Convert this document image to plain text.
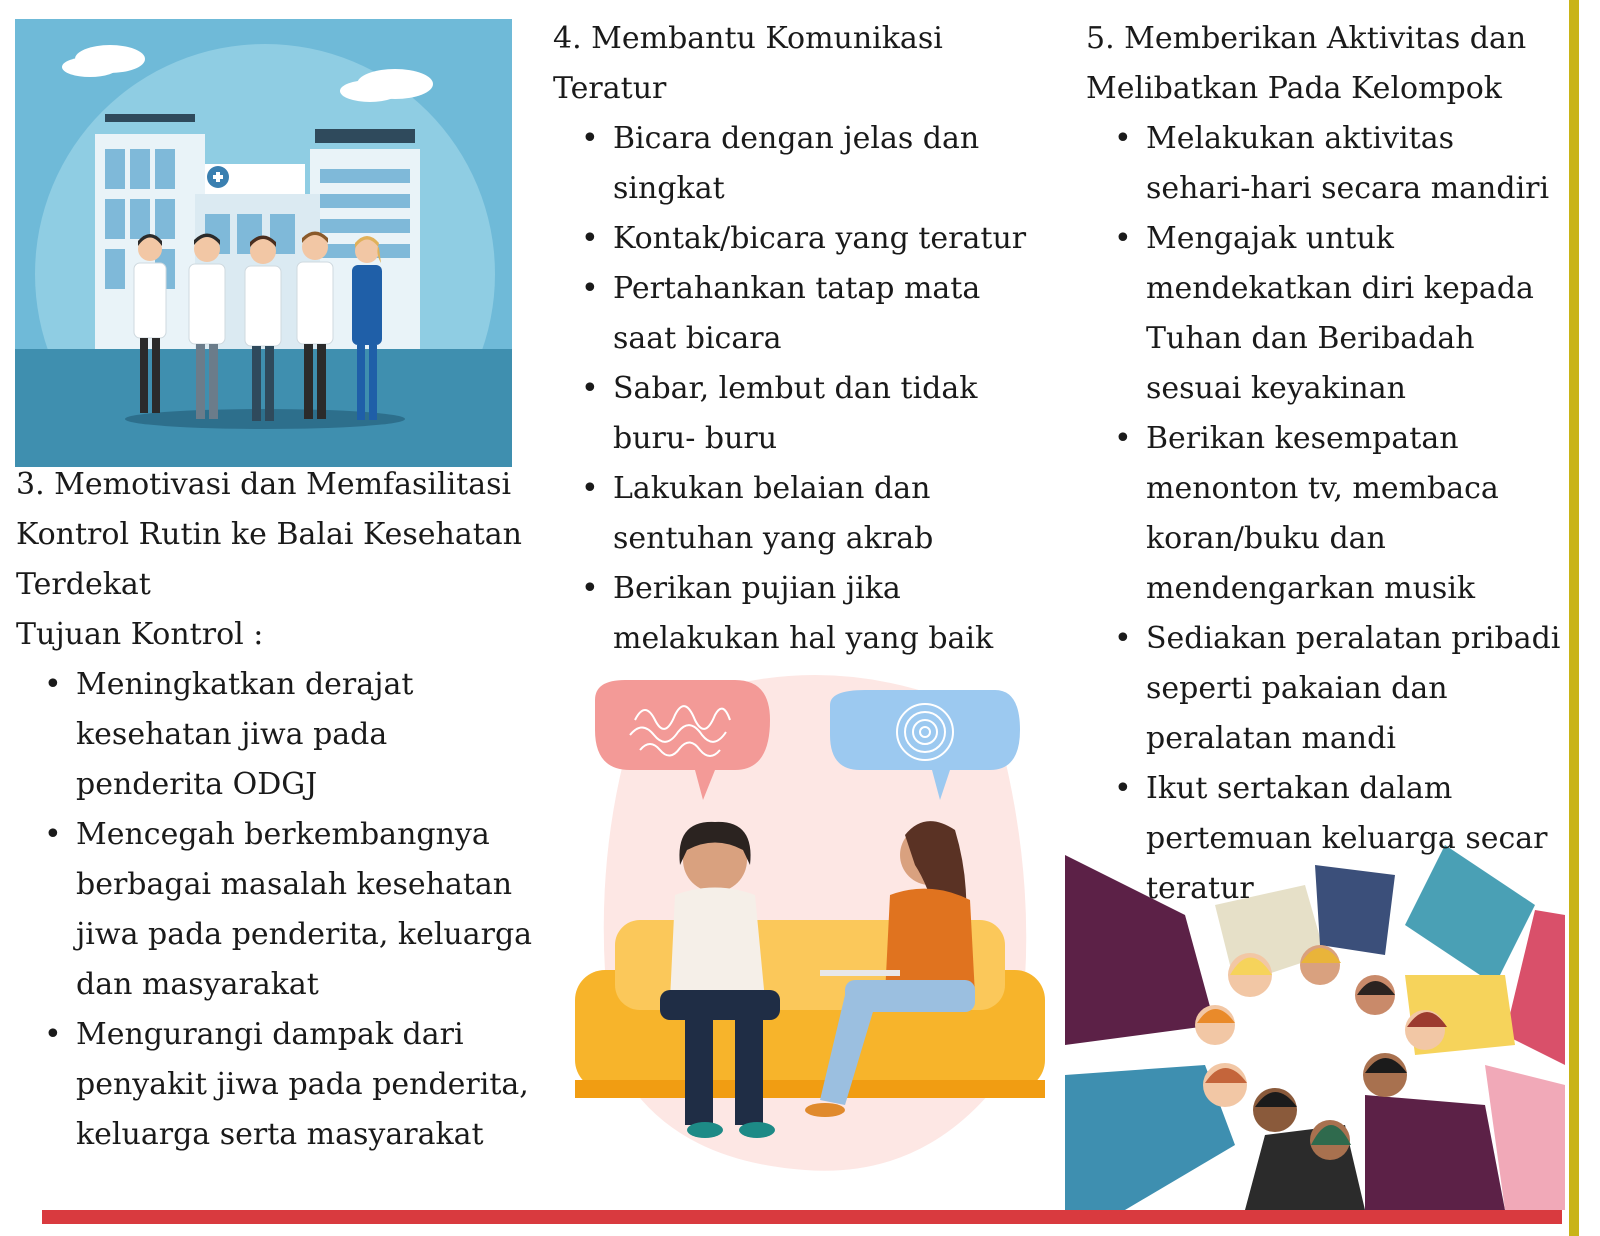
3. Memotivasi dan Memfasilitasi Kontrol Rutin ke Balai Kesehatan Terdekat
Tujuan Kontrol :
• Meningkatkan derajat kesehatan jiwa pada penderita ODGJ
• Mencegah berkembangnya berbagai masalah kesehatan jiwa pada penderita, keluarga dan masyarakat
• Mengurangi dampak dari penyakit jiwa pada penderita, keluarga serta masyarakat
4. Membantu Komunikasi Teratur
• Bicara dengan jelas dan singkat
• Kontak/bicara yang teratur
• Pertahankan tatap mata saat bicara
• Sabar, lembut dan tidak buru- buru
• Lakukan belaian dan sentuhan yang akrab
• Berikan pujian jika melakukan hal yang baik
5. Memberikan Aktivitas dan Melibatkan Pada Kelompok
• Melakukan aktivitas sehari-hari secara mandiri
• Mengajak untuk mendekatkan diri kepada Tuhan dan Beribadah sesuai keyakinan
• Berikan kesempatan menonton tv, membaca koran/buku dan mendengarkan musik
• Sediakan peralatan pribadi seperti pakaian dan peralatan mandi
• Ikut sertakan dalam pertemuan keluarga secar teratur
